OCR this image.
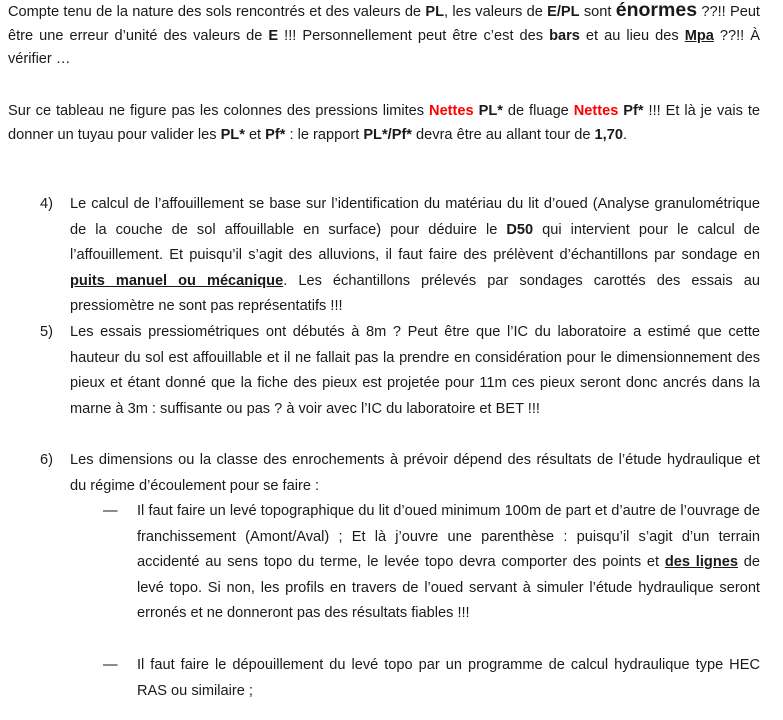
Compte tenu de la nature des sols rencontrés et des valeurs de PL, les valeurs de E/PL sont énormes ??!! Peut être une erreur d’unité des valeurs de E !!! Personnellement peut être c’est des bars et au lieu des Mpa ??!! À vérifier …

Sur ce tableau ne figure pas les colonnes des pressions limites Nettes PL* de fluage Nettes Pf* !!! Et là je vais te donner un tuyau pour valider les PL* et Pf* : le rapport PL*/Pf* devra être au allant tour de 1,70.

4)	Le calcul de l’affouillement se base sur l’identification du matériau du lit d’oued (Analyse granulométrique de la couche de sol affouillable en surface) pour déduire le D50 qui intervient pour le calcul de l’affouillement. Et puisqu’il s’agit des alluvions, il faut faire des prélèvent d’échantillons par sondage en puits manuel ou mécanique. Les échantillons prélevés par sondages carottés des essais au pressiomètre ne sont pas représentatifs !!!
5)	Les essais pressiométriques ont débutés à 8m ? Peut être que l’IC du laboratoire a estimé que cette hauteur du sol est affouillable et il ne fallait pas la prendre en considération pour le dimensionnement des pieux et étant donné que la fiche des pieux est projetée pour 11m ces pieux seront donc ancrés dans la marne à 3m : suffisante ou pas ? à voir avec l’IC du laboratoire et BET !!!
6)	Les dimensions ou la classe des enrochements à prévoir dépend des résultats de l’étude hydraulique et du régime d’écoulement pour se faire :
—	Il faut faire un levé topographique du lit d’oued minimum 100m de part et d’autre de l’ouvrage de franchissement (Amont/Aval) ; Et là j’ouvre une parenthèse : puisqu’il s’agit d’un terrain accidenté au sens topo du terme, le levée topo devra comporter des points et des lignes de levé topo. Si non, les profils en travers de l’oued servant à simuler l’étude hydraulique seront erronés et ne donneront pas des résultats fiables !!!
—	Il faut faire le dépouillement du levé topo par un programme de calcul hydraulique type HEC RAS ou similaire ;
